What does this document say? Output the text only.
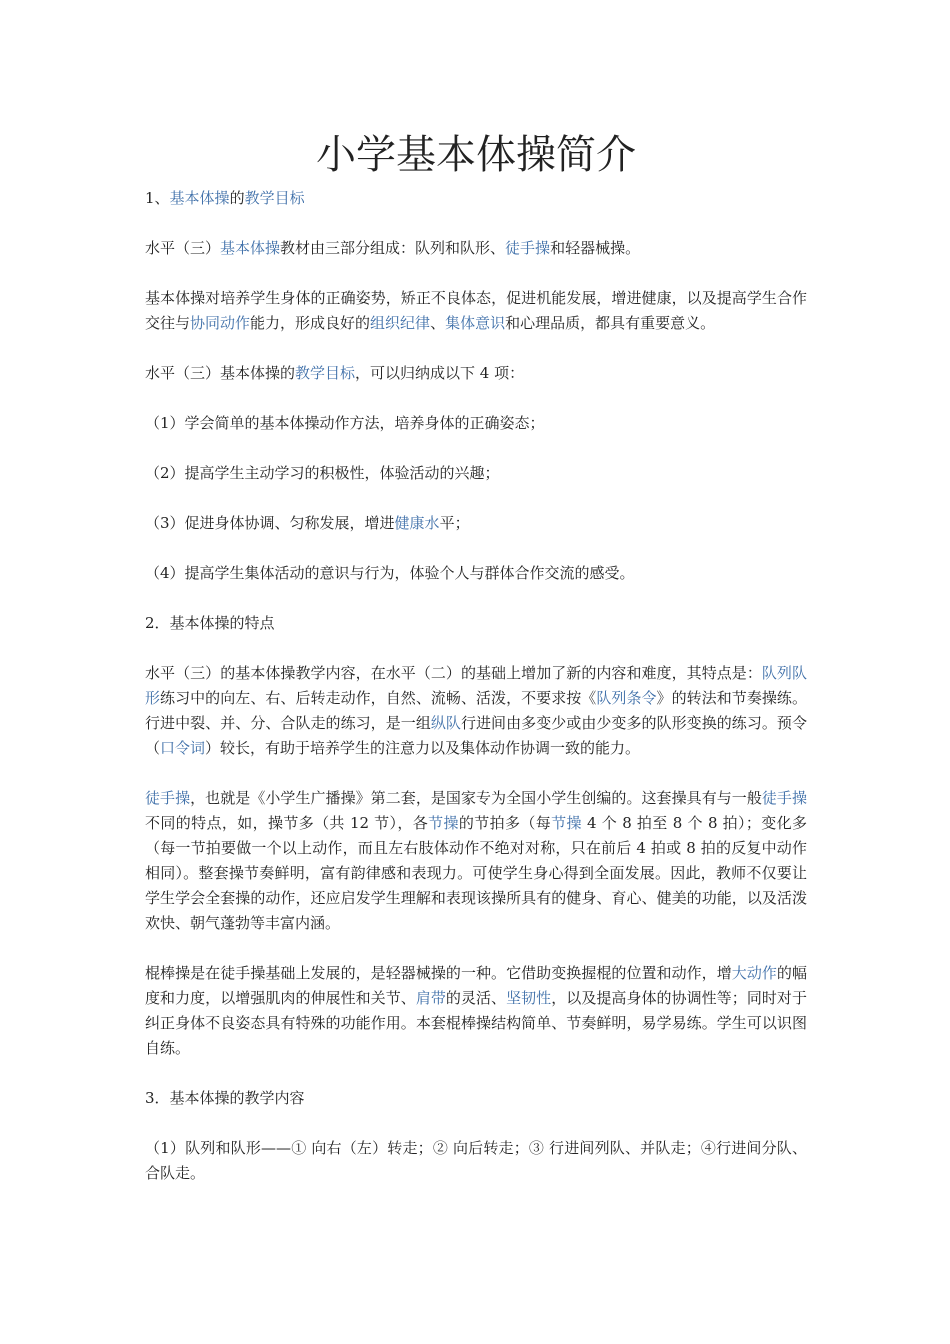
小学基本体操简介

1、基本体操的教学目标

水平（三）基本体操教材由三部分组成：队列和队形、徒手操和轻器械操。

基本体操对培养学生身体的正确姿势，矫正不良体态，促进机能发展，增进健康，以及提高学生合作交往与协同动作能力，形成良好的组织纪律、集体意识和心理品质，都具有重要意义。

水平（三）基本体操的教学目标，可以归纳成以下 4 项：

（1）学会简单的基本体操动作方法，培养身体的正确姿态；

（2）提高学生主动学习的积极性，体验活动的兴趣；

（3）促进身体协调、匀称发展，增进健康水平；

（4）提高学生集体活动的意识与行为，体验个人与群体合作交流的感受。

2．基本体操的特点

水平（三）的基本体操教学内容，在水平（二）的基础上增加了新的内容和难度，其特点是：队列队形练习中的向左、右、后转走动作，自然、流畅、活泼，不要求按《队列条令》的转法和节奏操练。行进中裂、并、分、合队走的练习，是一组纵队行进间由多变少或由少变多的队形变换的练习。预令（口令词）较长，有助于培养学生的注意力以及集体动作协调一致的能力。

徒手操，也就是《小学生广播操》第二套，是国家专为全国小学生创编的。这套操具有与一般徒手操不同的特点，如，操节多（共 12 节），各节操的节拍多（每节操 4 个 8 拍至 8 个 8 拍）；变化多（每一节拍要做一个以上动作，而且左右肢体动作不绝对对称，只在前后 4 拍或 8 拍的反复中动作相同）。整套操节奏鲜明，富有韵律感和表现力。可使学生身心得到全面发展。因此，教师不仅要让学生学会全套操的动作，还应启发学生理解和表现该操所具有的健身、育心、健美的功能，以及活泼欢快、朝气蓬勃等丰富内涵。

棍棒操是在徒手操基础上发展的，是轻器械操的一种。它借助变换握棍的位置和动作，增大动作的幅度和力度，以增强肌肉的伸展性和关节、肩带的灵活、坚韧性，以及提高身体的协调性等；同时对于纠正身体不良姿态具有特殊的功能作用。本套棍棒操结构简单、节奏鲜明，易学易练。学生可以识图自练。

3．基本体操的教学内容

（1）队列和队形——① 向右（左）转走；② 向后转走；③ 行进间列队、并队走；④行进间分队、合队走。
